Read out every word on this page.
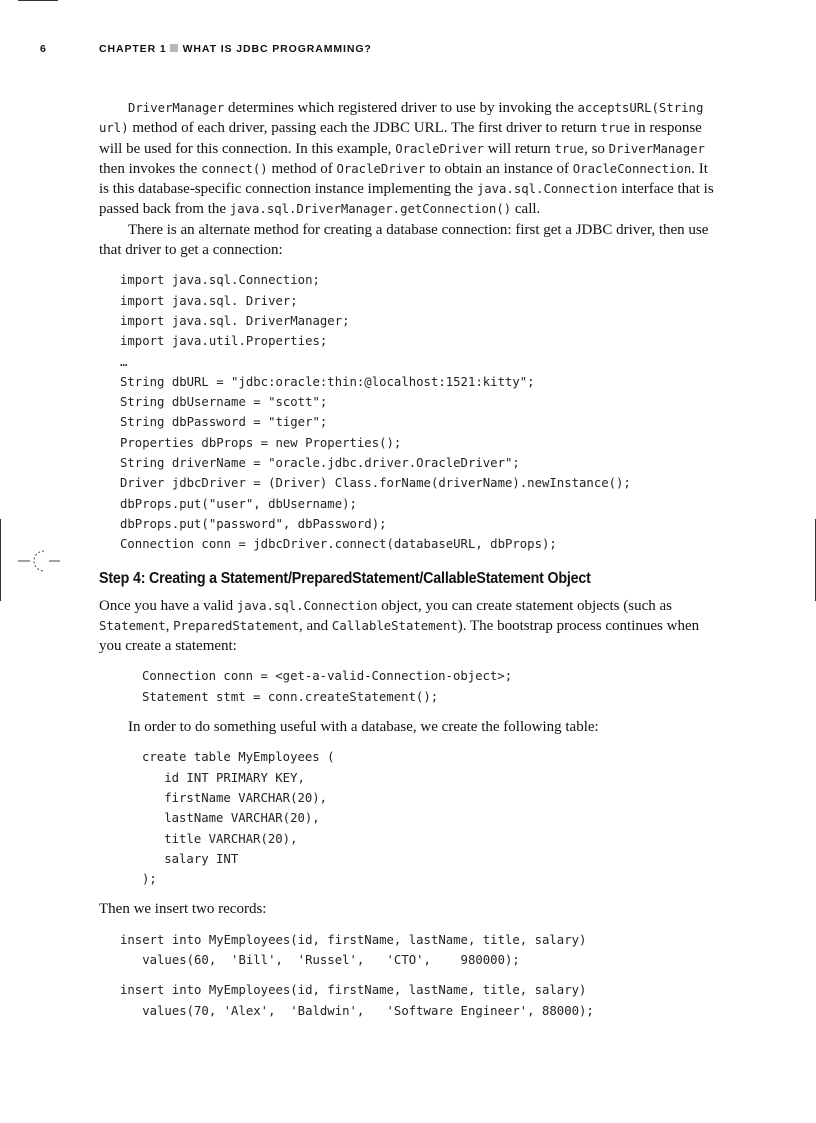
6	CHAPTER 1 WHAT IS JDBC PROGRAMMING?

DriverManager determines which registered driver to use by invoking the acceptsURL(String url) method of each driver, passing each the JDBC URL. The first driver to return true in response will be used for this connection. In this example, OracleDriver will return true, so DriverManager then invokes the connect() method of OracleDriver to obtain an instance of OracleConnection. It is this database-specific connection instance implementing the java.sql.Connection interface that is passed back from the java.sql.DriverManager.getConnection() call.

There is an alternate method for creating a database connection: first get a JDBC driver, then use that driver to get a connection:

import java.sql.Connection;
import java.sql. Driver;
import java.sql. DriverManager;
import java.util.Properties;
…
String dbURL = "jdbc:oracle:thin:@localhost:1521:kitty";
String dbUsername = "scott";
String dbPassword = "tiger";
Properties dbProps = new Properties();
String driverName = "oracle.jdbc.driver.OracleDriver";
Driver jdbcDriver = (Driver) Class.forName(driverName).newInstance();
dbProps.put("user", dbUsername);
dbProps.put("password", dbPassword);
Connection conn = jdbcDriver.connect(databaseURL, dbProps);
Step 4: Creating a Statement/PreparedStatement/CallableStatement Object

Once you have a valid java.sql.Connection object, you can create statement objects (such as Statement, PreparedStatement, and CallableStatement). The bootstrap process continues when you create a statement:

Connection conn = <get-a-valid-Connection-object>;
Statement stmt = conn.createStatement();

In order to do something useful with a database, we create the following table:

create table MyEmployees (
id INT PRIMARY KEY,
firstName VARCHAR(20),
lastName VARCHAR(20),
title VARCHAR(20),
salary INT
);

Then we insert two records:

insert into MyEmployees(id, firstName, lastName, title, salary)
values(60,  'Bill',  'Russel',   'CTO',    980000);
insert into MyEmployees(id, firstName, lastName, title, salary)
values(70, 'Alex',  'Baldwin',   'Software Engineer', 88000);
